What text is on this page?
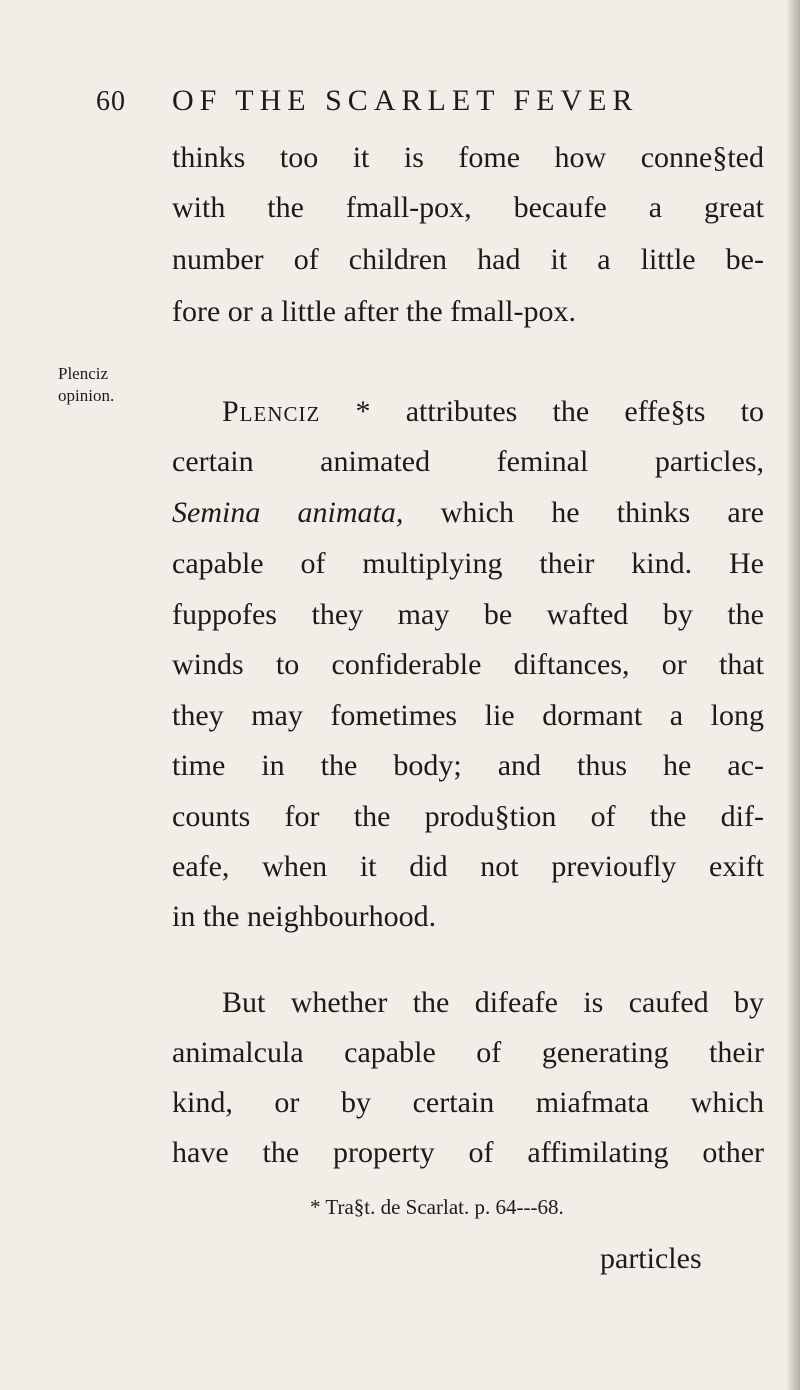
60 OF THE SCARLET FEVER
Plenciz
opinion.
thinks too it is fome how conne§ted
with the fmall-pox, becaufe a great
number of children had it a little be-
fore or a little after the fmall-pox.
Plenciz * attributes the effe§ts to
certain animated feminal particles,
Semina animata, which he thinks are
capable of multiplying their kind. He
fuppofes they may be wafted by the
winds to confiderable diftances, or that
they may fometimes lie dormant a long
time in the body; and thus he ac-
counts for the produ§tion of the dif-
eafe, when it did not previoufly exift
in the neighbourhood.
But whether the difeafe is caufed by
animalcula capable of generating their
kind, or by certain miafmata which
have the property of affimilating other
* Tra§t. de Scarlat. p. 64---68.
particles
